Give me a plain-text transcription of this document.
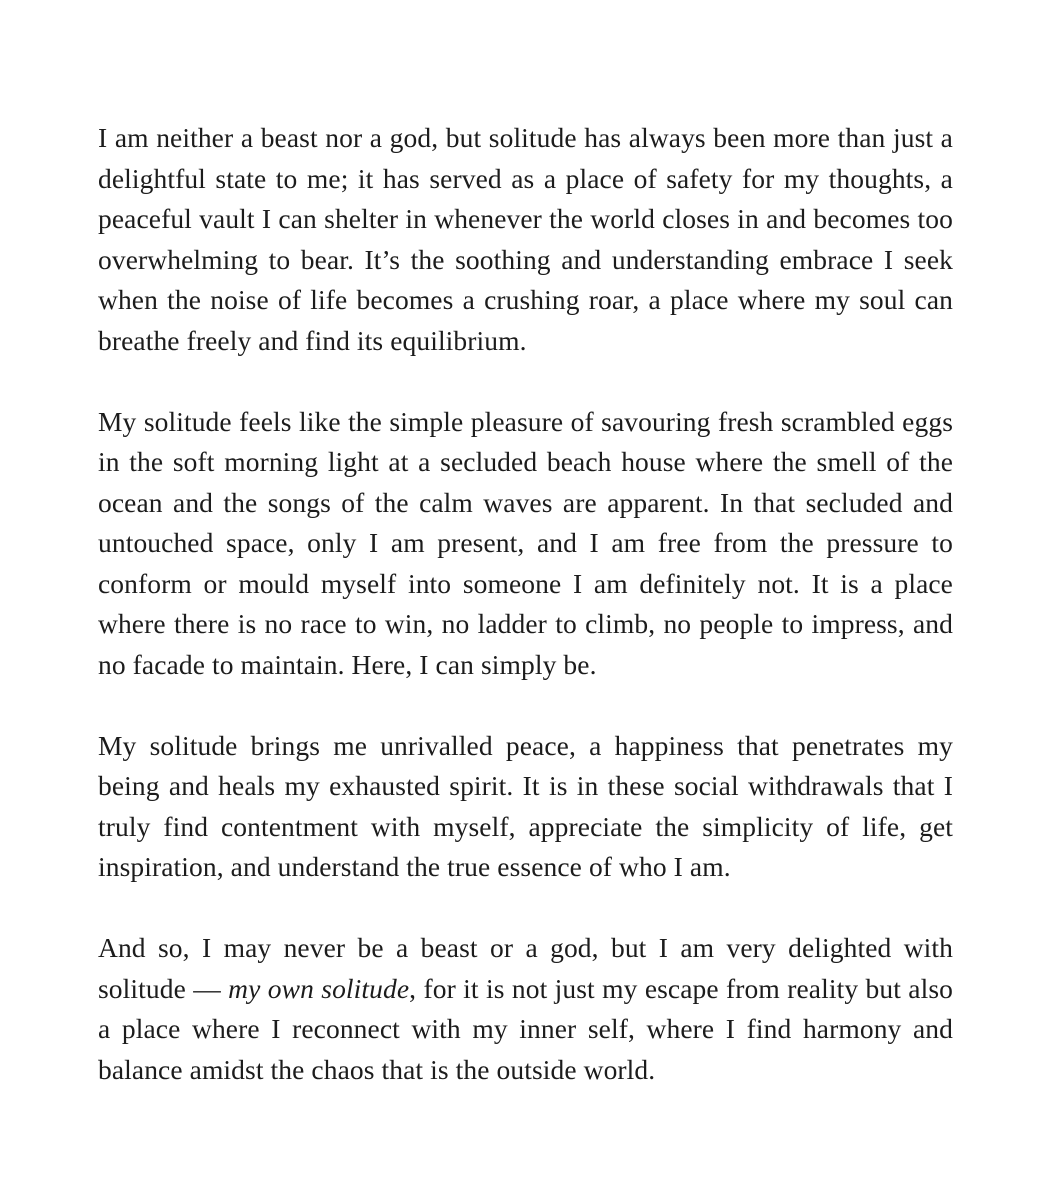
I am neither a beast nor a god, but solitude has always been more than just a delightful state to me; it has served as a place of safety for my thoughts, a peaceful vault I can shelter in whenever the world closes in and becomes too overwhelming to bear. It’s the soothing and understanding embrace I seek when the noise of life becomes a crushing roar, a place where my soul can breathe freely and find its equilibrium.

My solitude feels like the simple pleasure of savouring fresh scrambled eggs in the soft morning light at a secluded beach house where the smell of the ocean and the songs of the calm waves are apparent. In that secluded and untouched space, only I am present, and I am free from the pressure to conform or mould myself into someone I am definitely not. It is a place where there is no race to win, no ladder to climb, no people to impress, and no facade to maintain. Here, I can simply be.

My solitude brings me unrivalled peace, a happiness that penetrates my being and heals my exhausted spirit. It is in these social withdrawals that I truly find contentment with myself, appreciate the simplicity of life, get inspiration, and understand the true essence of who I am.

And so, I may never be a beast or a god, but I am very delighted with solitude — my own solitude, for it is not just my escape from reality but also a place where I reconnect with my inner self, where I find harmony and balance amidst the chaos that is the outside world.
